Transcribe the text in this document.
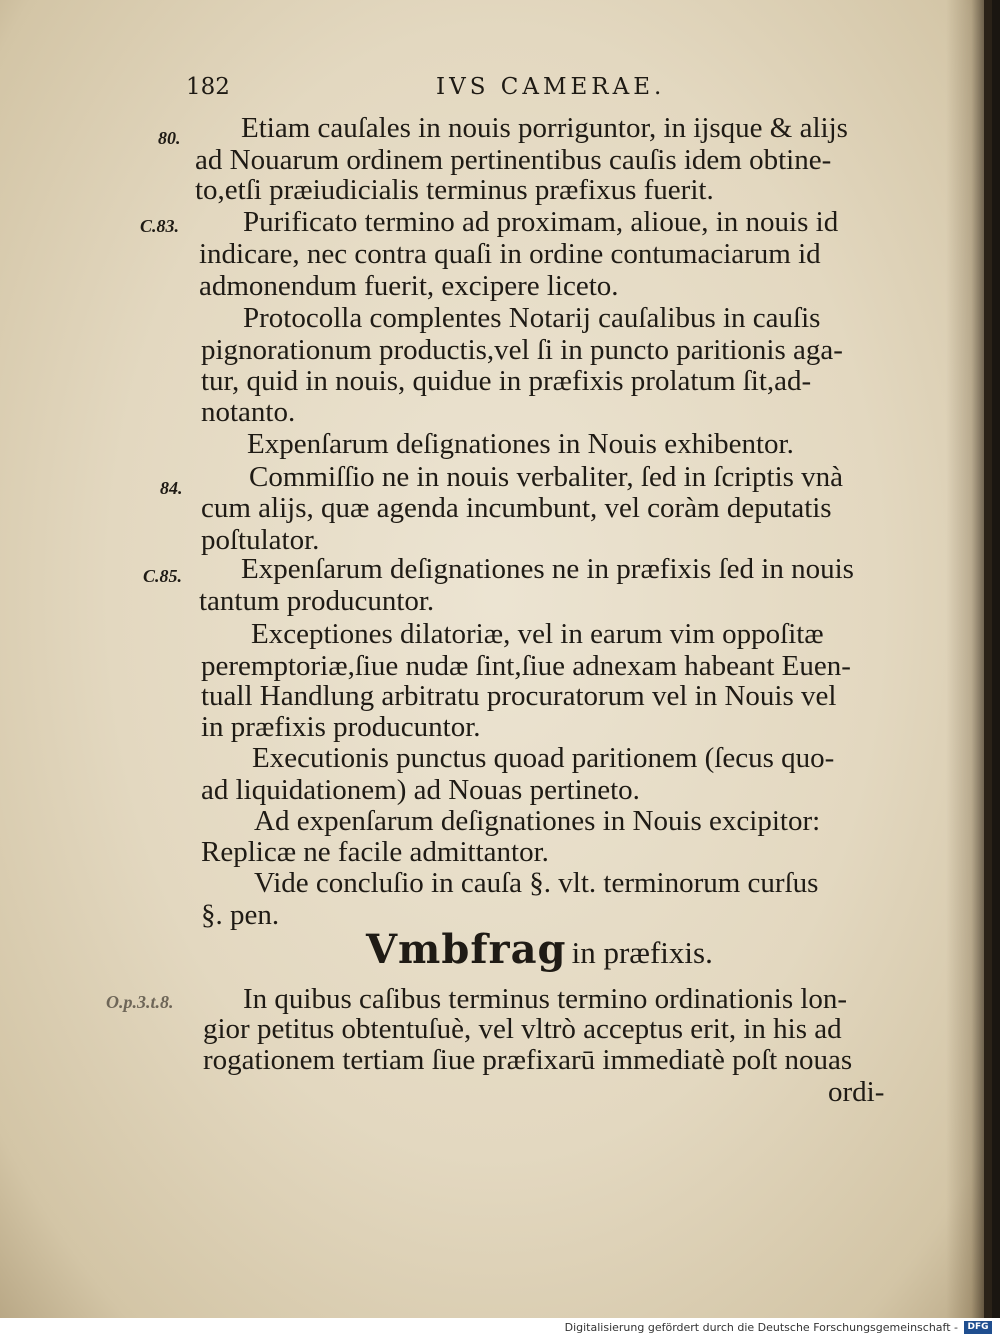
182	IVS CAMERAE.
80.
C.83.
84.
C.85.
O.p.3.t.8.
Etiam cauſales in nouis porriguntor, in ijsque & alijs
ad Nouarum ordinem pertinentibus cauſis idem obtine-
to,etſi præiudicialis terminus præfixus fuerit.
Purificato termino ad proximam, alioue, in nouis id
indicare, nec contra quaſi in ordine contumaciarum id
admonendum fuerit, excipere liceto.
Protocolla complentes Notarij cauſalibus in cauſis
pignorationum productis,vel ſi in puncto paritionis aga-
tur, quid in nouis, quidue in præfixis prolatum ſit,ad-
notanto.
Expenſarum deſignationes in Nouis exhibentor.
Commiſſio ne in nouis verbaliter, ſed in ſcriptis vnà
cum alijs, quæ agenda incumbunt, vel coràm deputatis
poſtulator.
Expenſarum deſignationes ne in præfixis ſed in nouis
tantum producuntor.
Exceptiones dilatoriæ, vel in earum vim oppoſitæ
peremptoriæ,ſiue nudæ ſint,ſiue adnexam habeant Euen-
tuall Handlung arbitratu procuratorum vel in Nouis vel
in præfixis producuntor.
Executionis punctus quoad paritionem (ſecus quo-
ad liquidationem) ad Nouas pertineto.
Ad expenſarum deſignationes in Nouis excipitor:
Replicæ ne facile admittantor.
Vide concluſio in cauſa §. vlt. terminorum curſus
§. pen.
Vmbfrag in præfixis.
In quibus caſibus terminus termino ordinationis lon-
gior petitus obtentuſuè, vel vltrò acceptus erit, in his ad
rogationem tertiam ſiue præfixarū immediatè poſt nouas
ordi-
Digitalisierung gefördert durch die Deutsche Forschungsgemeinschaft -	DFG
